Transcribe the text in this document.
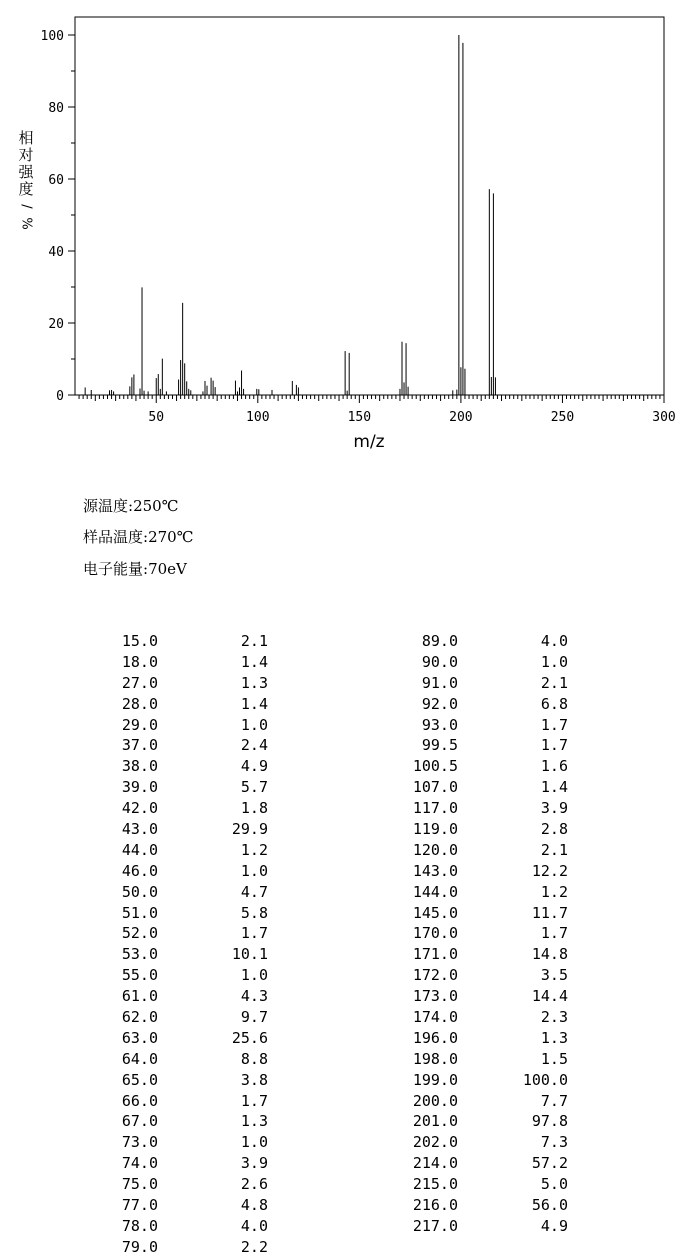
0
20
40
60
80
100
50	100	150	200	250	300
m/z
相
对
强
度
/
%
源温度:250℃
样品温度:270℃
电子能量:70eV
15.0	2.1
18.0	1.4
27.0	1.3
28.0	1.4
29.0	1.0
37.0	2.4
38.0	4.9
39.0	5.7
42.0	1.8
43.0	29.9
44.0	1.2
46.0	1.0
50.0	4.7
51.0	5.8
52.0	1.7
53.0	10.1
55.0	1.0
61.0	4.3
62.0	9.7
63.0	25.6
64.0	8.8
65.0	3.8
66.0	1.7
67.0	1.3
73.0	1.0
74.0	3.9
75.0	2.6
77.0	4.8
78.0	4.0
79.0	2.2
89.0	4.0
90.0	1.0
91.0	2.1
92.0	6.8
93.0	1.7
99.5	1.7
100.5	1.6
107.0	1.4
117.0	3.9
119.0	2.8
120.0	2.1
143.0	12.2
144.0	1.2
145.0	11.7
170.0	1.7
171.0	14.8
172.0	3.5
173.0	14.4
174.0	2.3
196.0	1.3
198.0	1.5
199.0	100.0
200.0	7.7
201.0	97.8
202.0	7.3
214.0	57.2
215.0	5.0
216.0	56.0
217.0	4.9
